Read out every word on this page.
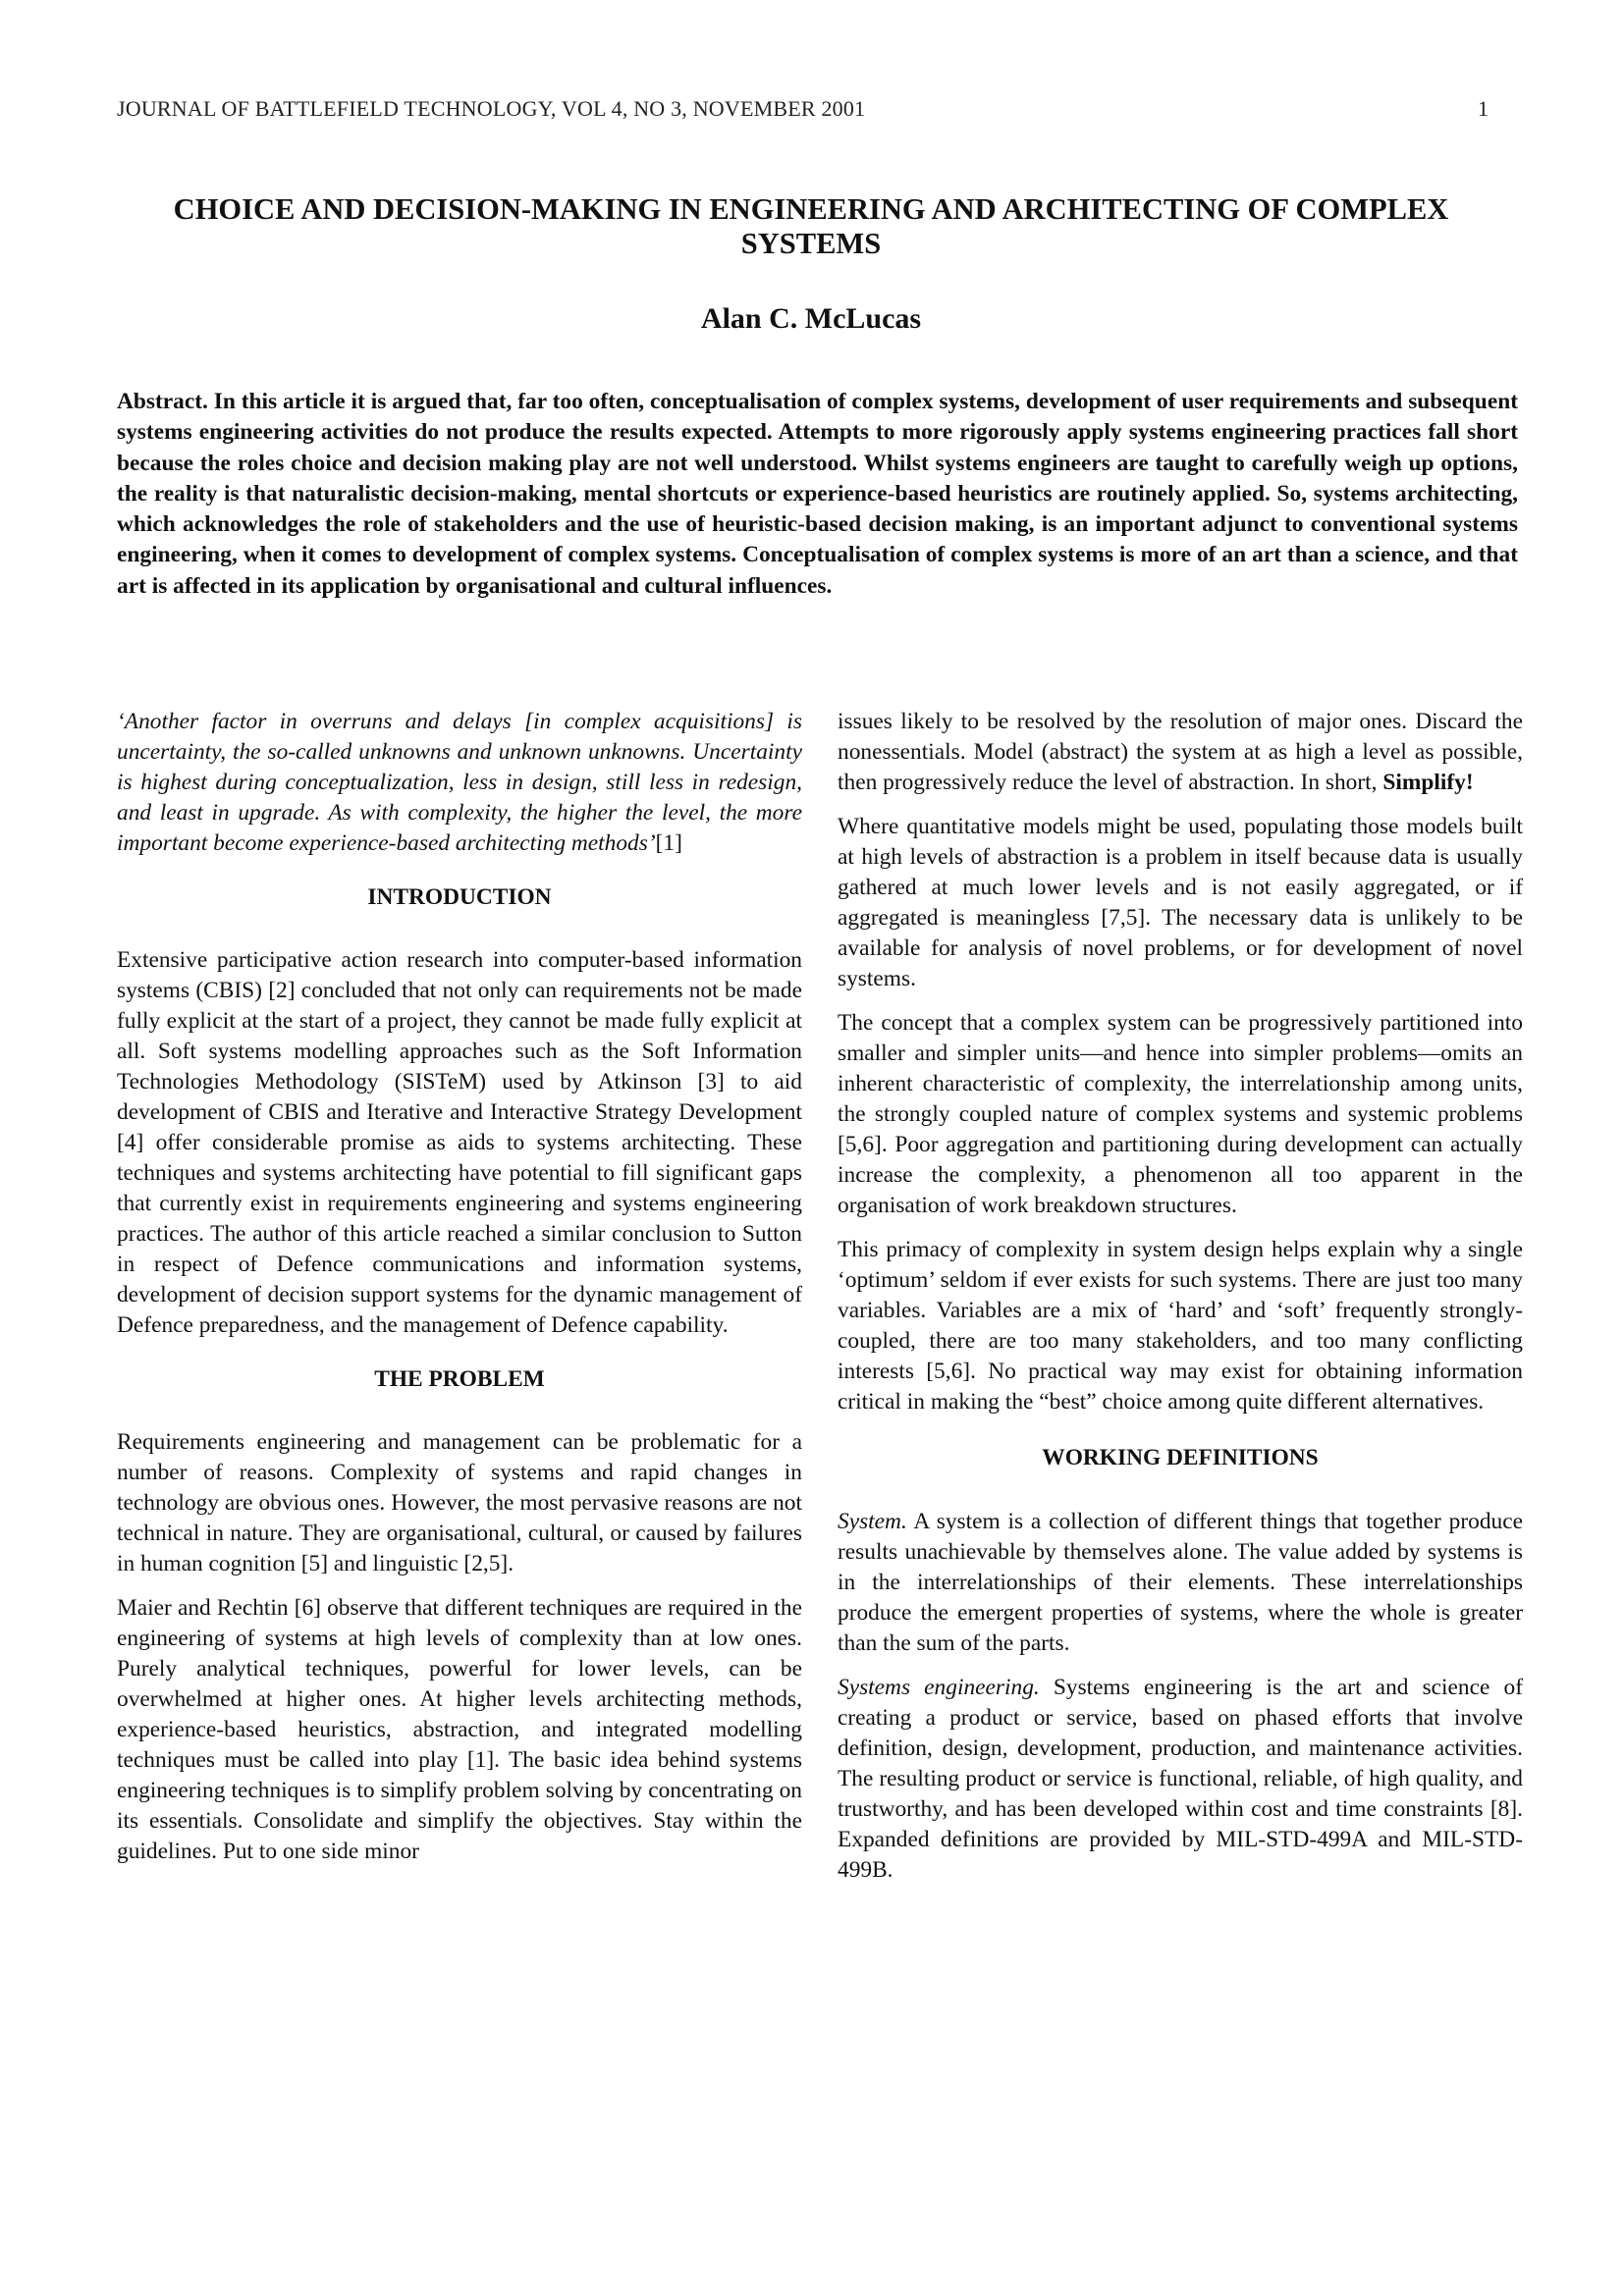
JOURNAL OF BATTLEFIELD TECHNOLOGY, VOL 4, NO 3, NOVEMBER 2001	1
CHOICE AND DECISION-MAKING IN ENGINEERING AND ARCHITECTING OF COMPLEX SYSTEMS
Alan C. McLucas

Abstract. In this article it is argued that, far too often, conceptualisation of complex systems, development of user requirements and subsequent systems engineering activities do not produce the results expected. Attempts to more rigorously apply systems engineering practices fall short because the roles choice and decision making play are not well understood. Whilst systems engineers are taught to carefully weigh up options, the reality is that naturalistic decision-making, mental shortcuts or experience-based heuristics are routinely applied. So, systems architecting, which acknowledges the role of stakeholders and the use of heuristic-based decision making, is an important adjunct to conventional systems engineering, when it comes to development of complex systems. Conceptualisation of complex systems is more of an art than a science, and that art is affected in its application by organisational and cultural influences.

‘Another factor in overruns and delays [in complex acquisitions] is uncertainty, the so-called unknowns and unknown unknowns. Uncertainty is highest during conceptualization, less in design, still less in redesign, and least in upgrade. As with complexity, the higher the level, the more important become experience-based architecting methods’[1]

INTRODUCTION

Extensive participative action research into computer-based information systems (CBIS) [2] concluded that not only can requirements not be made fully explicit at the start of a project, they cannot be made fully explicit at all. Soft systems modelling approaches such as the Soft Information Technologies Methodology (SISTeM) used by Atkinson [3] to aid development of CBIS and Iterative and Interactive Strategy Development [4] offer considerable promise as aids to systems architecting. These techniques and systems architecting have potential to fill significant gaps that currently exist in requirements engineering and systems engineering practices. The author of this article reached a similar conclusion to Sutton in respect of Defence communications and information systems, development of decision support systems for the dynamic management of Defence preparedness, and the management of Defence capability.

THE PROBLEM

Requirements engineering and management can be problematic for a number of reasons. Complexity of systems and rapid changes in technology are obvious ones. However, the most pervasive reasons are not technical in nature. They are organisational, cultural, or caused by failures in human cognition [5] and linguistic [2,5].

Maier and Rechtin [6] observe that different techniques are required in the engineering of systems at high levels of complexity than at low ones. Purely analytical techniques, powerful for lower levels, can be overwhelmed at higher ones. At higher levels architecting methods, experience-based heuristics, abstraction, and integrated modelling techniques must be called into play [1]. The basic idea behind systems engineering techniques is to simplify problem solving by concentrating on its essentials. Consolidate and simplify the objectives. Stay within the guidelines. Put to one side minor

issues likely to be resolved by the resolution of major ones. Discard the nonessentials. Model (abstract) the system at as high a level as possible, then progressively reduce the level of abstraction. In short, Simplify!

Where quantitative models might be used, populating those models built at high levels of abstraction is a problem in itself because data is usually gathered at much lower levels and is not easily aggregated, or if aggregated is meaningless [7,5]. The necessary data is unlikely to be available for analysis of novel problems, or for development of novel systems.

The concept that a complex system can be progressively partitioned into smaller and simpler units—and hence into simpler problems—omits an inherent characteristic of complexity, the interrelationship among units, the strongly coupled nature of complex systems and systemic problems [5,6]. Poor aggregation and partitioning during development can actually increase the complexity, a phenomenon all too apparent in the organisation of work breakdown structures.

This primacy of complexity in system design helps explain why a single ‘optimum’ seldom if ever exists for such systems. There are just too many variables. Variables are a mix of ‘hard’ and ‘soft’ frequently strongly-coupled, there are too many stakeholders, and too many conflicting interests [5,6]. No practical way may exist for obtaining information critical in making the “best” choice among quite different alternatives.

WORKING DEFINITIONS

System. A system is a collection of different things that together produce results unachievable by themselves alone. The value added by systems is in the interrelationships of their elements. These interrelationships produce the emergent properties of systems, where the whole is greater than the sum of the parts.

Systems engineering. Systems engineering is the art and science of creating a product or service, based on phased efforts that involve definition, design, development, production, and maintenance activities. The resulting product or service is functional, reliable, of high quality, and trustworthy, and has been developed within cost and time constraints [8]. Expanded definitions are provided by MIL-STD-499A and MIL-STD-499B.
